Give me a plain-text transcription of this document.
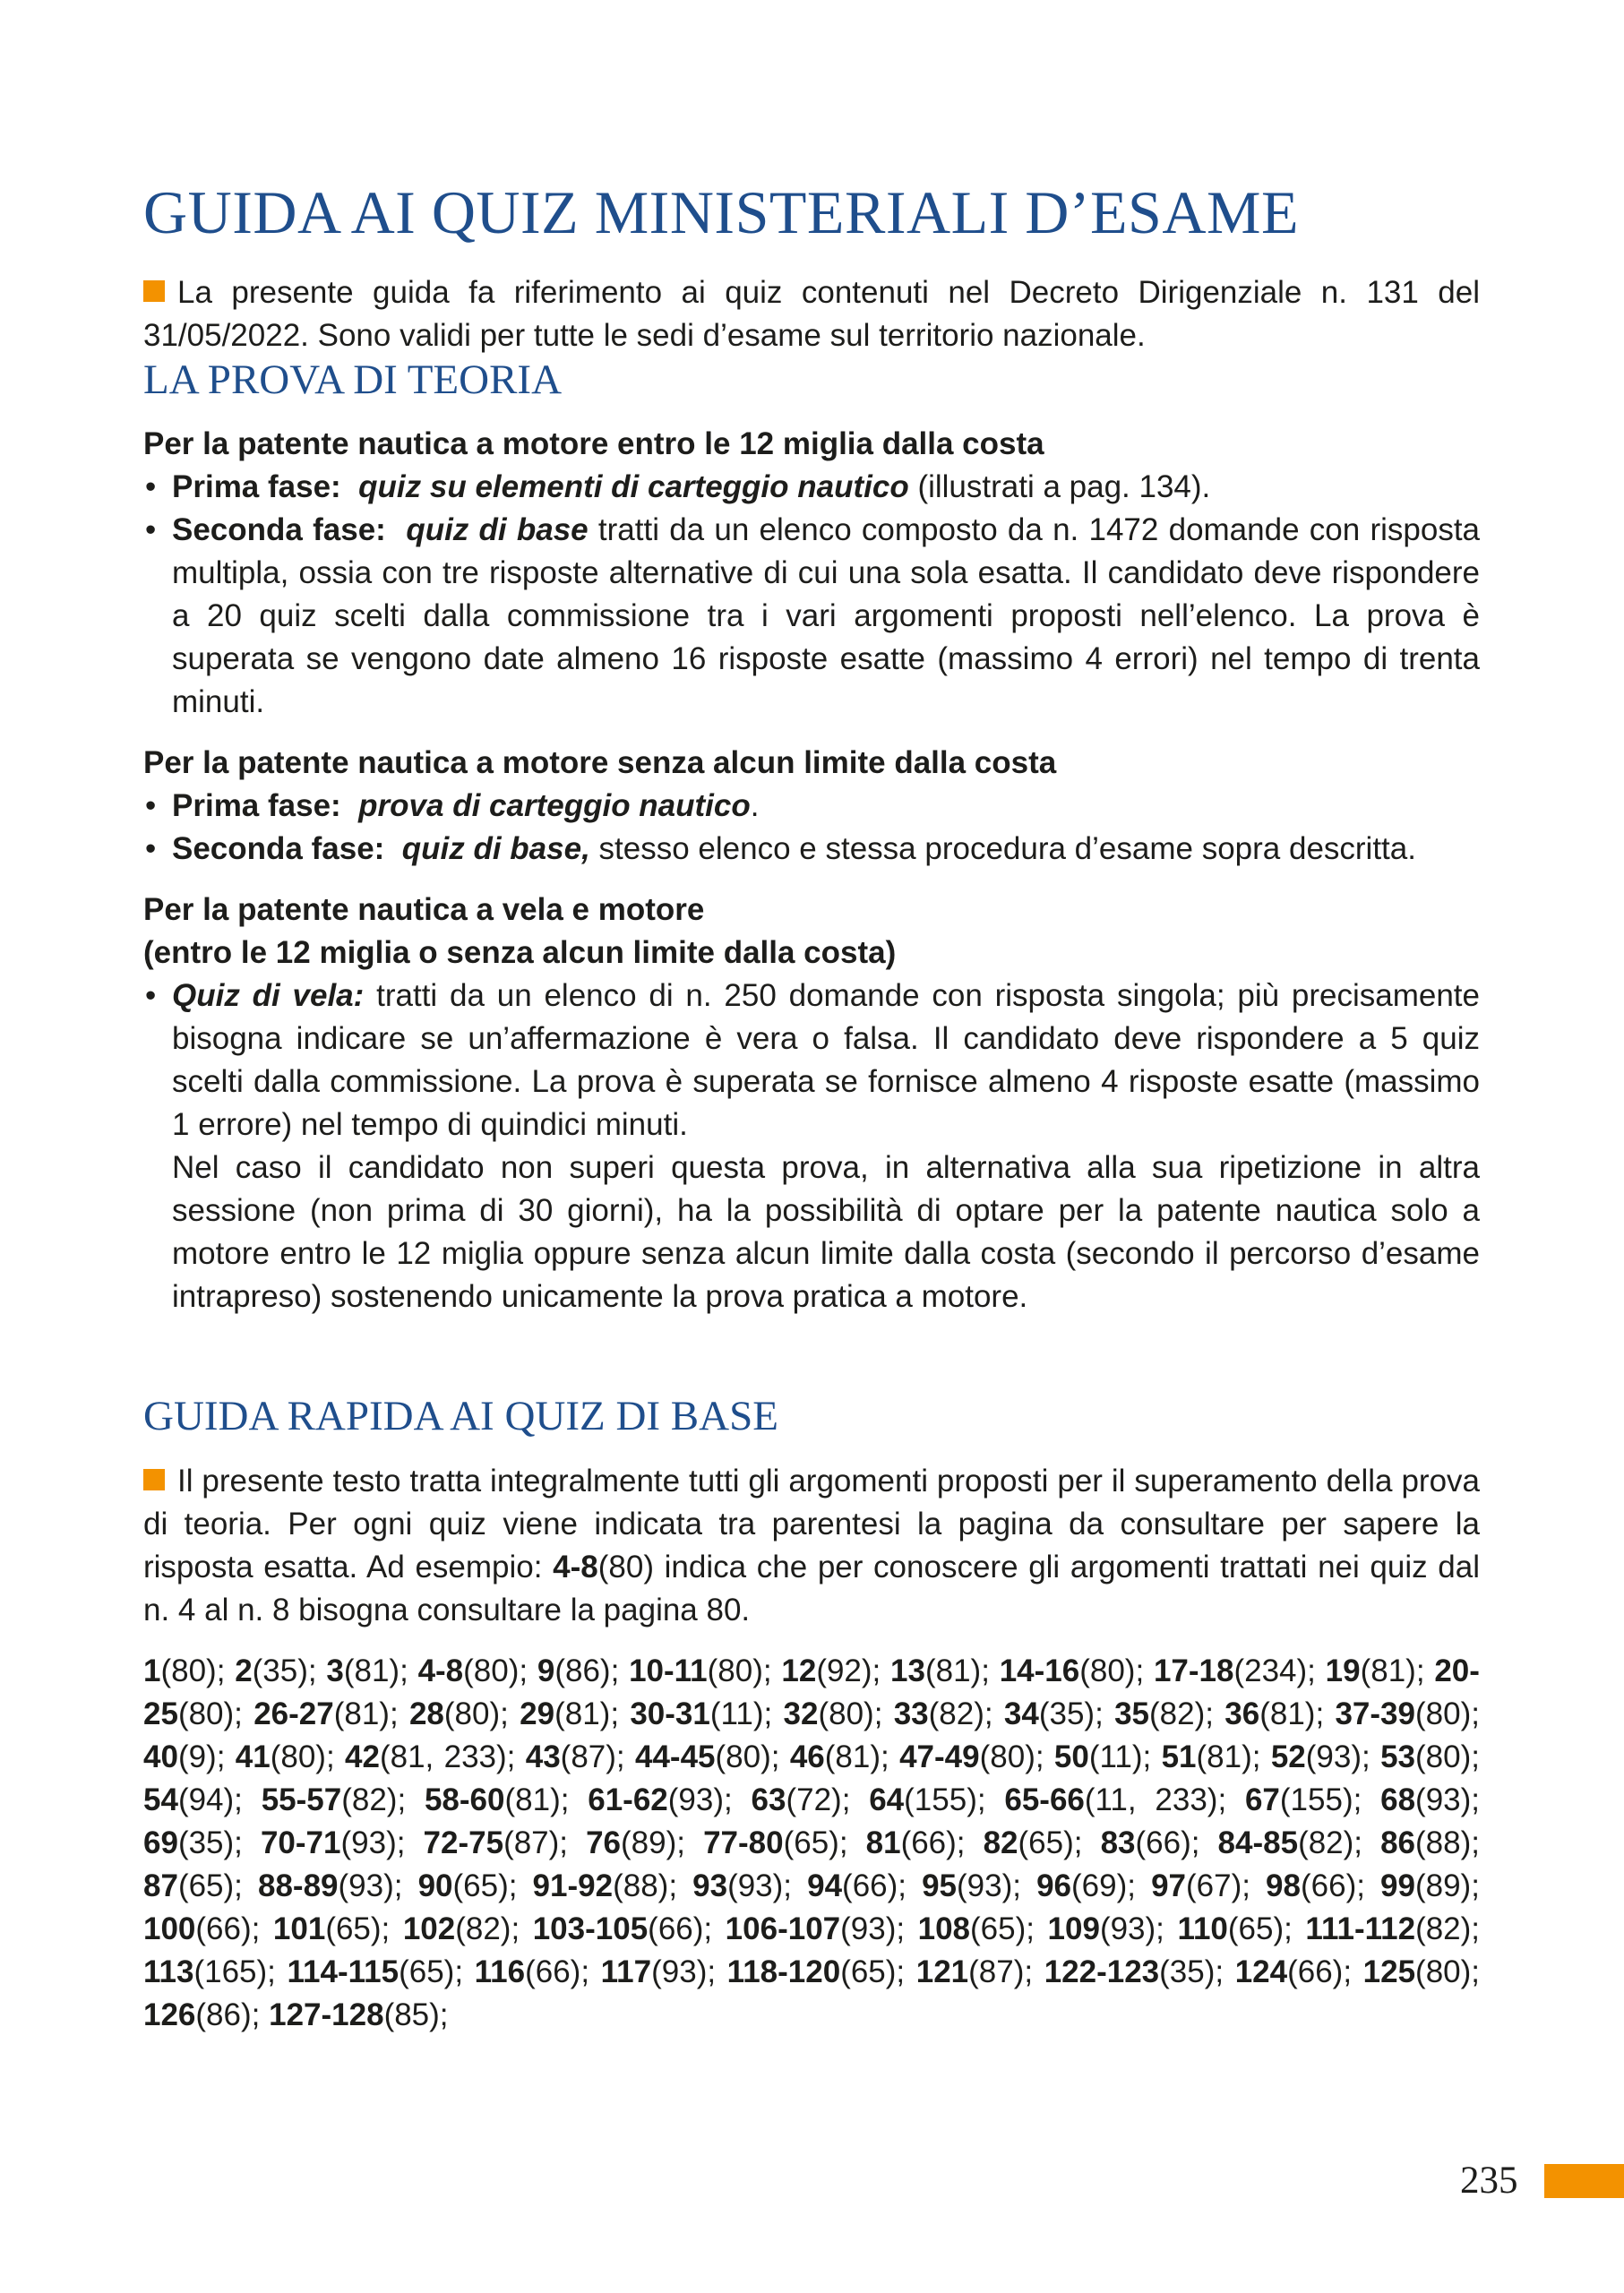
GUIDA AI QUIZ MINISTERIALI D’ESAME

La presente guida fa riferimento ai quiz contenuti nel Decreto Dirigenziale n. 131 del 31/05/2022. Sono validi per tutte le sedi d’esame sul territorio nazionale.

LA PROVA DI TEORIA

Per la patente nautica a motore entro le 12 miglia dalla costa

• Prima fase: quiz su elementi di carteggio nautico (illustrati a pag. 134).
• Seconda fase: quiz di base tratti da un elenco composto da n. 1472 domande con risposta multipla, ossia con tre risposte alternative di cui una sola esatta. Il candidato deve rispondere a 20 quiz scelti dalla commissione tra i vari argomenti proposti nell’elenco. La prova è superata se vengono date almeno 16 risposte esatte (massimo 4 errori) nel tempo di trenta minuti.

Per la patente nautica a motore senza alcun limite dalla costa

• Prima fase: prova di carteggio nautico.
• Seconda fase: quiz di base, stesso elenco e stessa procedura d’esame sopra descritta.

Per la patente nautica a vela e motore

(entro le 12 miglia o senza alcun limite dalla costa)

• Quiz di vela: tratti da un elenco di n. 250 domande con risposta singola; più precisamente bisogna indicare se un’affermazione è vera o falsa. Il candidato deve rispondere a 5 quiz scelti dalla commissione. La prova è superata se fornisce almeno 4 risposte esatte (massimo 1 errore) nel tempo di quindici minuti.

Nel caso il candidato non superi questa prova, in alternativa alla sua ripetizione in altra sessione (non prima di 30 giorni), ha la possibilità di optare per la patente nautica solo a motore entro le 12 miglia oppure senza alcun limite dalla costa (secondo il percorso d’esame intrapreso) sostenendo unicamente la prova pratica a motore.

GUIDA RAPIDA AI QUIZ DI BASE

Il presente testo tratta integralmente tutti gli argomenti proposti per il superamento della prova di teoria. Per ogni quiz viene indicata tra parentesi la pagina da consultare per sapere la risposta esatta. Ad esempio: 4-8(80) indica che per conoscere gli argomenti trattati nei quiz dal n. 4 al n. 8 bisogna consultare la pagina 80.

1(80); 2(35); 3(81); 4-8(80); 9(86); 10-11(80); 12(92); 13(81); 14-16(80); 17-18(234); 19(81); 20-25(80); 26-27(81); 28(80); 29(81); 30-31(11); 32(80); 33(82); 34(35); 35(82); 36(81); 37-39(80); 40(9); 41(80); 42(81, 233); 43(87); 44-45(80); 46(81); 47-49(80); 50(11); 51(81); 52(93); 53(80); 54(94); 55-57(82); 58-60(81); 61-62(93); 63(72); 64(155); 65-66(11, 233); 67(155); 68(93); 69(35); 70-71(93); 72-75(87); 76(89); 77-80(65); 81(66); 82(65); 83(66); 84-85(82); 86(88); 87(65); 88-89(93); 90(65); 91-92(88); 93(93); 94(66); 95(93); 96(69); 97(67); 98(66); 99(89); 100(66); 101(65); 102(82); 103-105(66); 106-107(93); 108(65); 109(93); 110(65); 111-112(82); 113(165); 114-115(65); 116(66); 117(93); 118-120(65); 121(87); 122-123(35); 124(66); 125(80); 126(86); 127-128(85);

235
